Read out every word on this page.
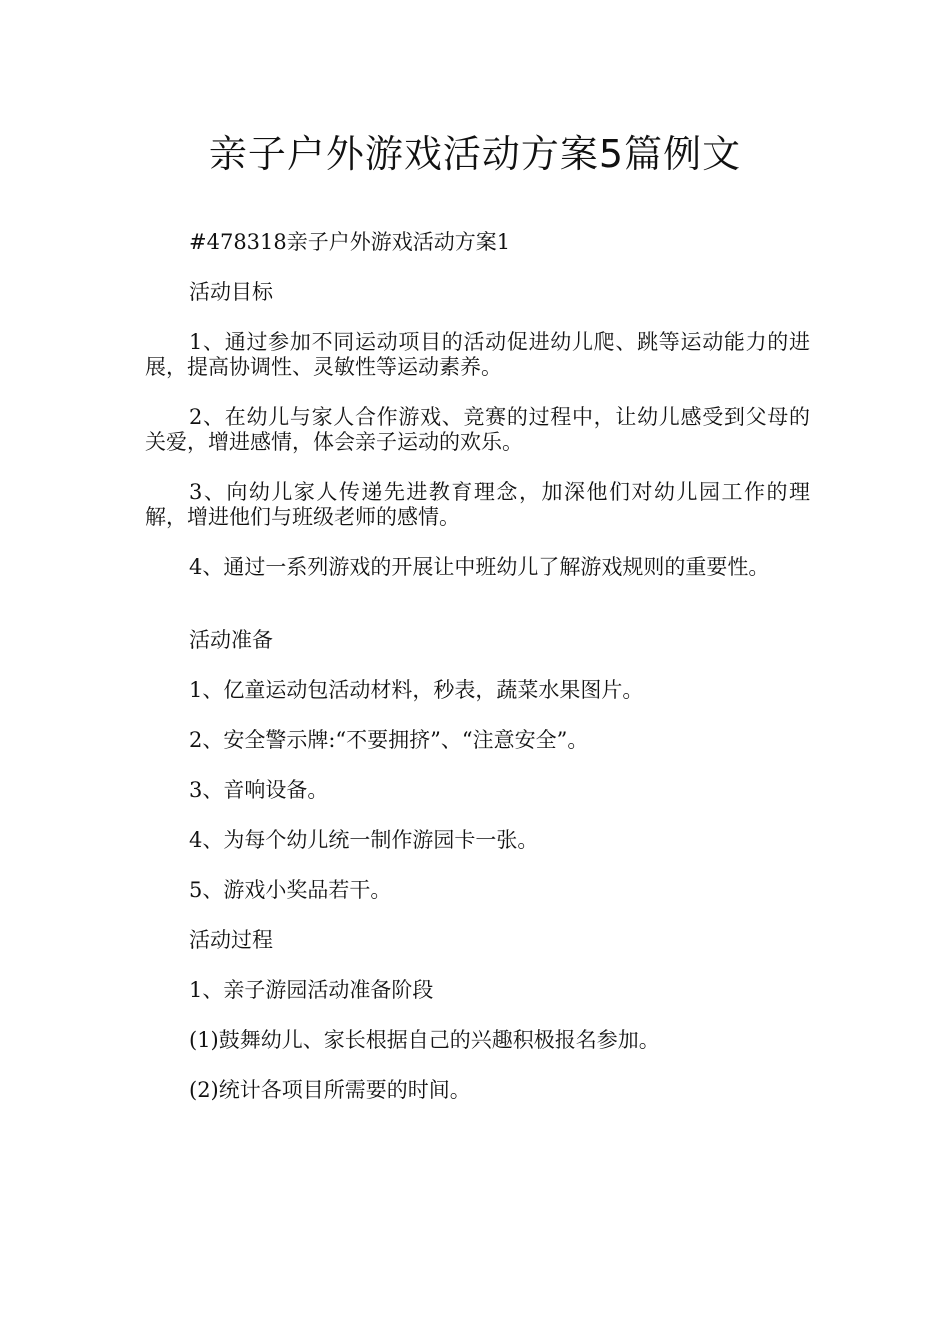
亲子户外游戏活动方案5篇例文

#478318亲子户外游戏活动方案1

活动目标

1、通过参加不同运动项目的活动促进幼儿爬、跳等运动能力的进展，提高协调性、灵敏性等运动素养。

2、在幼儿与家人合作游戏、竞赛的过程中，让幼儿感受到父母的关爱，增进感情，体会亲子运动的欢乐。

3、向幼儿家人传递先进教育理念，加深他们对幼儿园工作的理解，增进他们与班级老师的感情。

4、通过一系列游戏的开展让中班幼儿了解游戏规则的重要性。

活动准备

1、亿童运动包活动材料，秒表，蔬菜水果图片。

2、安全警示牌:“不要拥挤”、“注意安全”。

3、音响设备。

4、为每个幼儿统一制作游园卡一张。

5、游戏小奖品若干。

活动过程

1、亲子游园活动准备阶段

(1)鼓舞幼儿、家长根据自己的兴趣积极报名参加。

(2)统计各项目所需要的时间。
